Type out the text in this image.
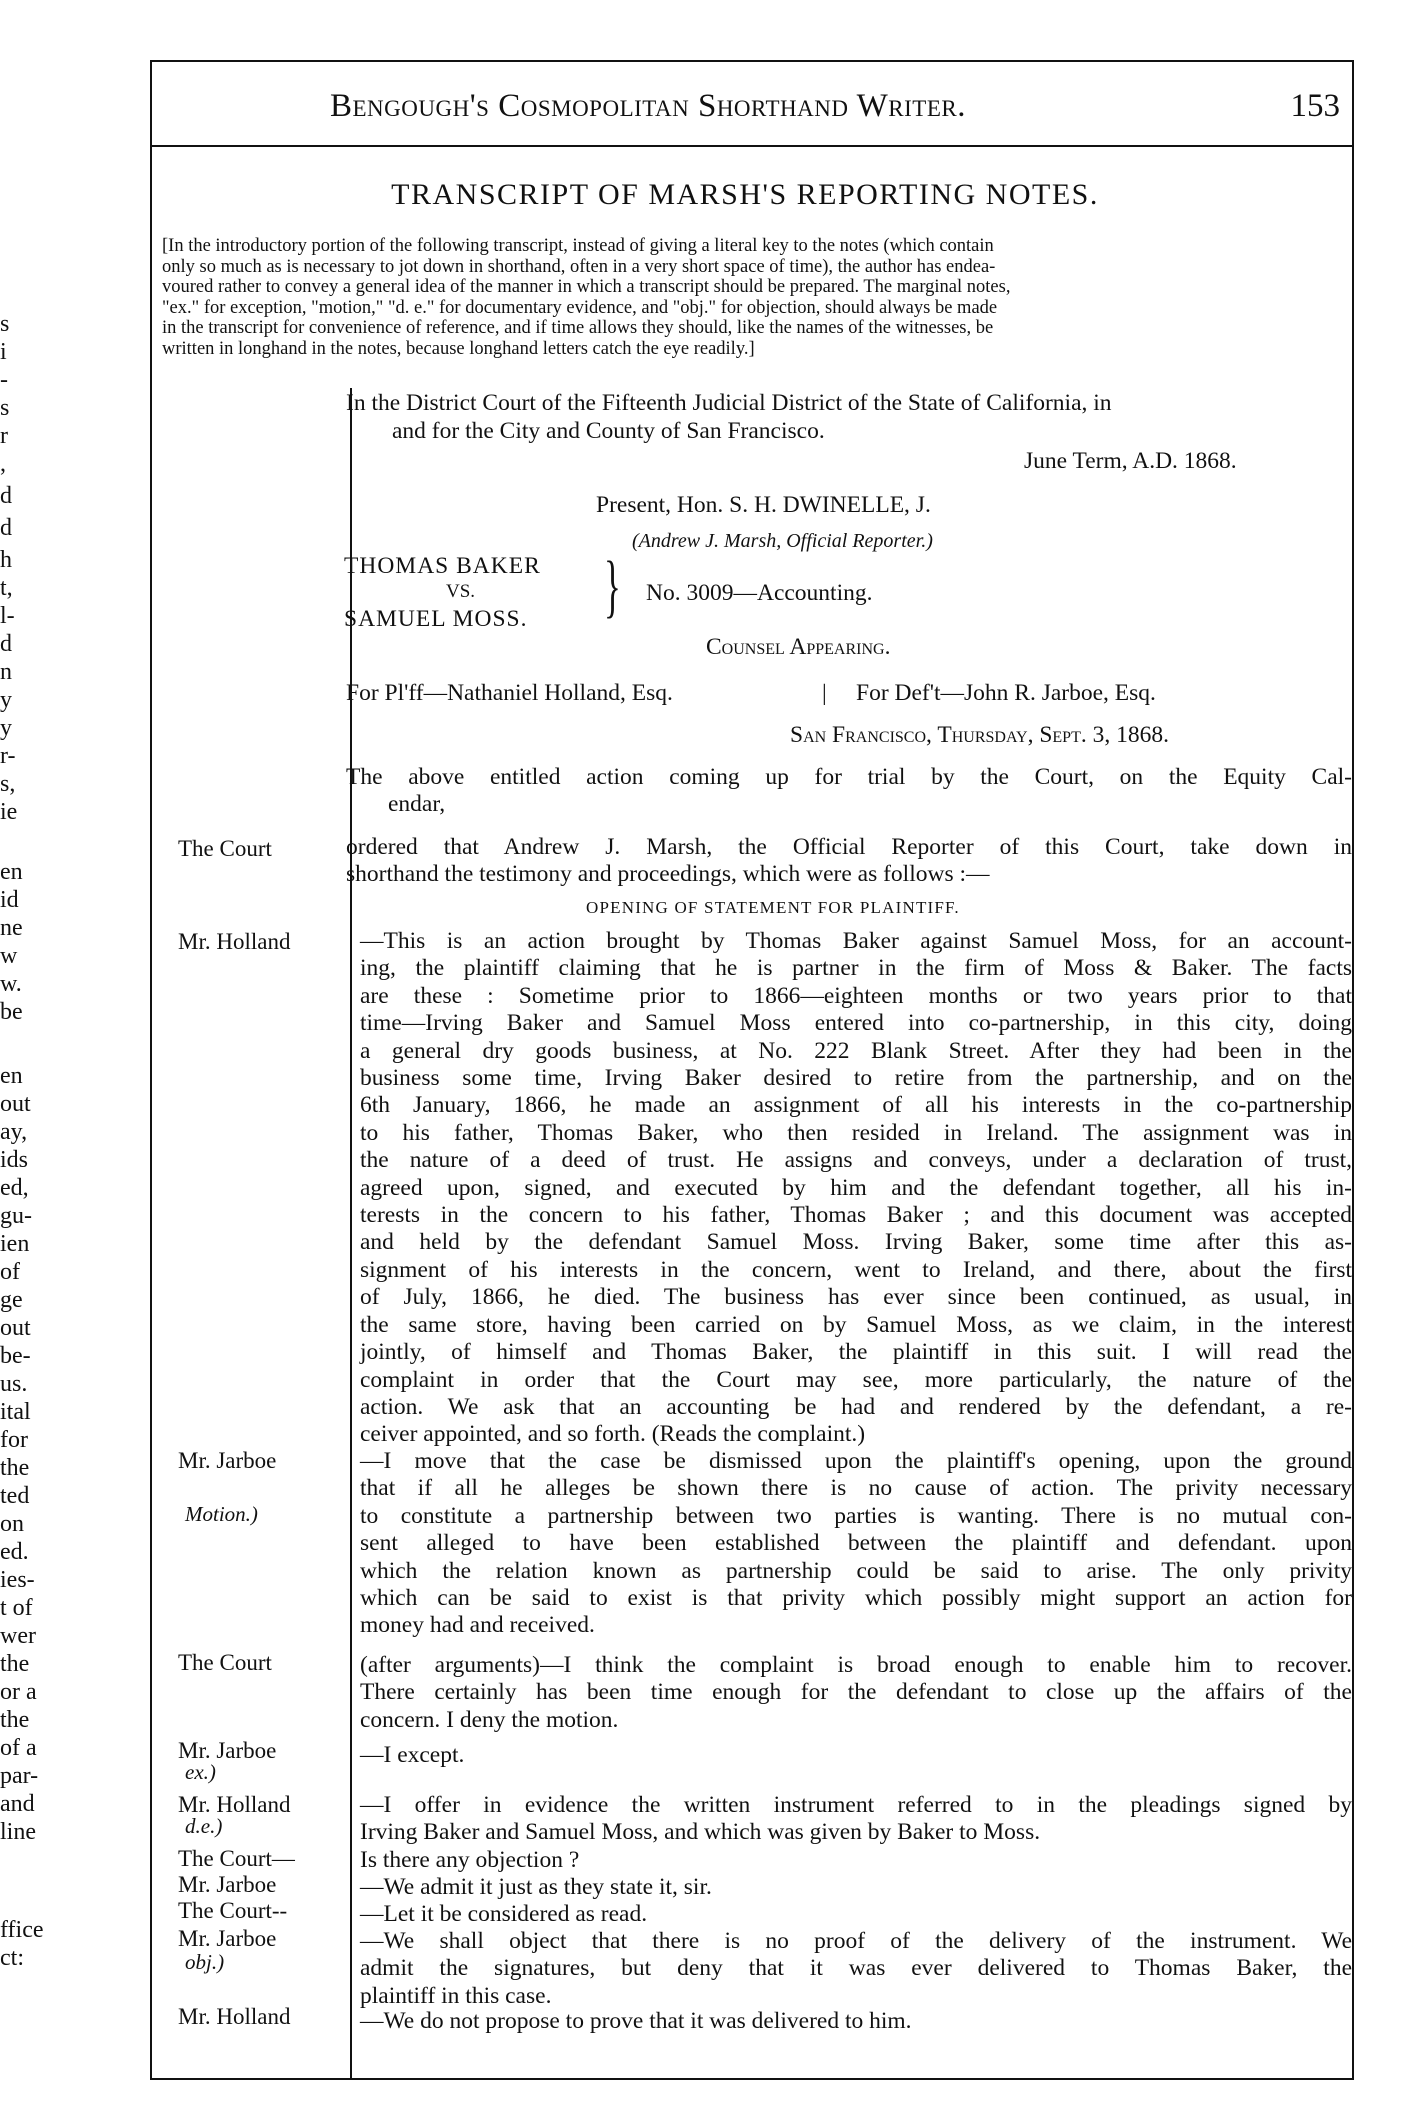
s
i
-
s
r
,
d
d
h
t,
l-
d
n
y
y
r-
s,
ie
en
id
ne
w
w.
be
en
out
ay,
ids
ed,
gu-
ien
of
ge
out
be-
us.
ital
for
the
ted
on
ed.
ies-
t of
wer
the
or a
the
of a
par-
and
line
ffice
ct:
Bengough's Cosmopolitan Shorthand Writer.	153
TRANSCRIPT OF MARSH'S REPORTING NOTES.
[In the introductory portion of the following transcript, instead of giving a literal key to the notes (which contain
only so much as is necessary to jot down in shorthand, often in a very short space of time), the author has endea-
voured rather to convey a general idea of the manner in which a transcript should be prepared. The marginal notes,
"ex." for exception, "motion," "d. e." for documentary evidence, and "obj." for objection, should always be made
in the transcript for convenience of reference, and if time allows they should, like the names of the witnesses, be
written in longhand in the notes, because longhand letters catch the eye readily.]
In the District Court of the Fifteenth Judicial District of the State of California, in
and for the City and County of San Francisco.
June Term, A.D. 1868.
Present, Hon. S. H. DWINELLE, J.
(Andrew J. Marsh, Official Reporter.)
THOMAS BAKER
VS.
SAMUEL MOSS. } No. 3009—Accounting.
Counsel Appearing.
For Pl'ff—Nathaniel Holland, Esq.	| For Def't—John R. Jarboe, Esq.
San Francisco, Thursday, Sept. 3, 1868.
The Court
Mr. Holland
Mr. Jarboe
Motion.)
The Court
Mr. Jarboe
ex.)
Mr. Holland
d.e.)
The Court—
Mr. Jarboe
The Court--
Mr. Jarboe
obj.)
Mr. Holland
The above entitled action coming up for trial by the Court, on the Equity Cal-
endar,
ordered that Andrew J. Marsh, the Official Reporter of this Court, take down in
shorthand the testimony and proceedings, which were as follows :—
OPENING OF STATEMENT FOR PLAINTIFF.
—This is an action brought by Thomas Baker against Samuel Moss, for an account-
ing, the plaintiff claiming that he is partner in the firm of Moss & Baker. The facts
are these : Sometime prior to 1866—eighteen months or two years prior to that
time—Irving Baker and Samuel Moss entered into co-partnership, in this city, doing
a general dry goods business, at No. 222 Blank Street. After they had been in the
business some time, Irving Baker desired to retire from the partnership, and on the
6th January, 1866, he made an assignment of all his interests in the co-partnership
to his father, Thomas Baker, who then resided in Ireland. The assignment was in
the nature of a deed of trust. He assigns and conveys, under a declaration of trust,
agreed upon, signed, and executed by him and the defendant together, all his in-
terests in the concern to his father, Thomas Baker ; and this document was accepted
and held by the defendant Samuel Moss. Irving Baker, some time after this as-
signment of his interests in the concern, went to Ireland, and there, about the first
of July, 1866, he died. The business has ever since been continued, as usual, in
the same store, having been carried on by Samuel Moss, as we claim, in the interest
jointly, of himself and Thomas Baker, the plaintiff in this suit. I will read the
complaint in order that the Court may see, more particularly, the nature of the
action. We ask that an accounting be had and rendered by the defendant, a re-
ceiver appointed, and so forth. (Reads the complaint.)
—I move that the case be dismissed upon the plaintiff's opening, upon the ground
that if all he alleges be shown there is no cause of action. The privity necessary
to constitute a partnership between two parties is wanting. There is no mutual con-
sent alleged to have been established between the plaintiff and defendant. upon
which the relation known as partnership could be said to arise. The only privity
which can be said to exist is that privity which possibly might support an action for
money had and received.
(after arguments)—I think the complaint is broad enough to enable him to recover.
There certainly has been time enough for the defendant to close up the affairs of the
concern. I deny the motion.
—I except.
—I offer in evidence the written instrument referred to in the pleadings signed by
Irving Baker and Samuel Moss, and which was given by Baker to Moss.
Is there any objection ?
—We admit it just as they state it, sir.
—Let it be considered as read.
—We shall object that there is no proof of the delivery of the instrument. We
admit the signatures, but deny that it was ever delivered to Thomas Baker, the
plaintiff in this case.
—We do not propose to prove that it was delivered to him.
